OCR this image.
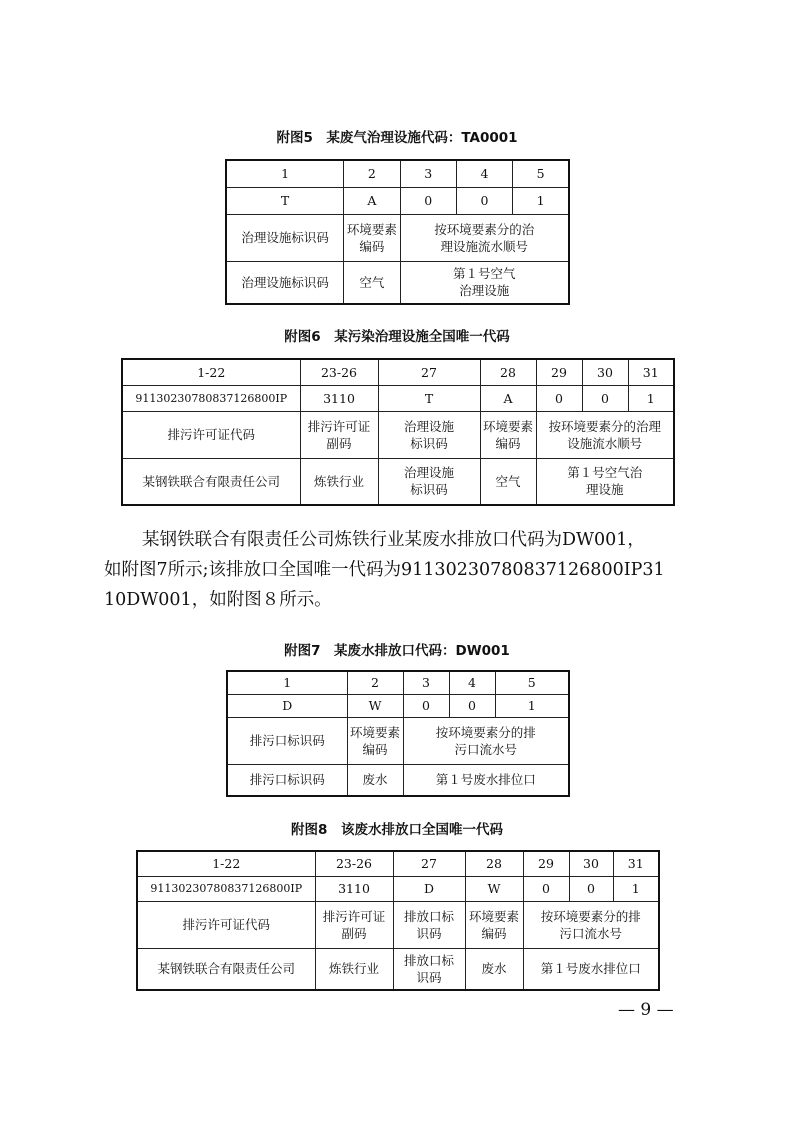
附图5　某废气治理设施代码：TA0001
1	2	3	4	5
T	A	0	0	1
治理设施标识码	环境要素编码	按环境要素分的治理设施流水顺号		
治理设施标识码	空气	第１号空气治理设施		
附图6　某污染治理设施全国唯一代码
1-22	23-26	27	28	29	30	31
91130230780837126800IP	3110	T	A	0	0	1
排污许可证代码	排污许可证副码	治理设施标识码	环境要素编码	按环境要素分的治理设施流水顺号		
某钢铁联合有限责任公司	炼铁行业	治理设施标识码	空气	第１号空气治理设施		
某钢铁联合有限责任公司炼铁行业某废水排放口代码为DW001，
如附图7所示;该排放口全国唯一代码为91130230780837126800IP31
10DW001，如附图８所示。
附图7　某废水排放口代码：DW001
1	2	3	4	5
D	W	0	0	1
排污口标识码	环境要素编码	按环境要素分的排污口流水号		
排污口标识码	废水	第１号废水排位口		
附图8　该废水排放口全国唯一代码
1-22	23-26	27	28	29	30	31
91130230780837126800IP	3110	D	W	0	0	1
排污许可证代码	排污许可证副码	排放口标识码	环境要素编码	按环境要素分的排污口流水号		
某钢铁联合有限责任公司	炼铁行业	排放口标识码	废水	第１号废水排位口		
— 9 —
